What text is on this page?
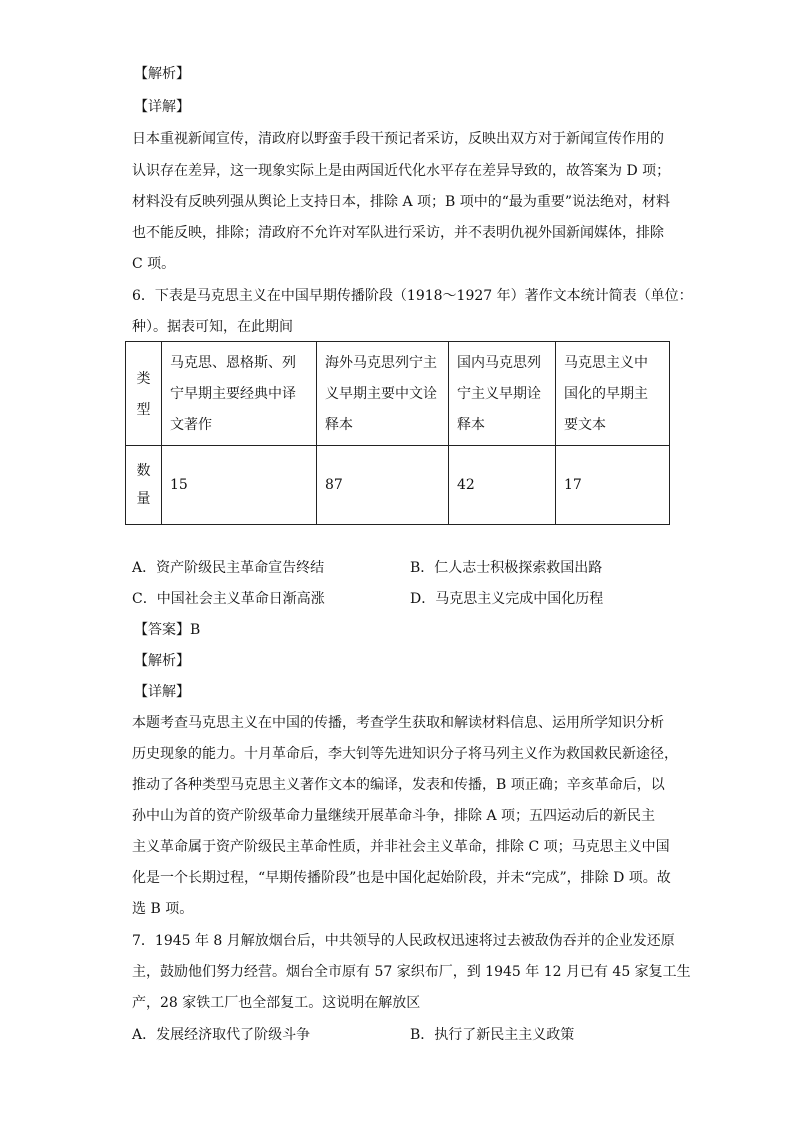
【解析】
【详解】
日本重视新闻宣传，清政府以野蛮手段干预记者采访，反映出双方对于新闻宣传作用的
认识存在差异，这一现象实际上是由两国近代化水平存在差异导致的，故答案为 D 项；
材料没有反映列强从舆论上支持日本，排除 A 项；B 项中的“最为重要”说法绝对，材料
也不能反映，排除；清政府不允许对军队进行采访，并不表明仇视外国新闻媒体，排除
C 项。
6．下表是马克思主义在中国早期传播阶段（1918～1927 年）著作文本统计简表（单位：
种）。据表可知，在此期间
类型	马克思、恩格斯、列宁早期主要经典中译文著作	海外马克思列宁主义早期主要中文诠释本	国内马克思列宁主义早期诠释本	马克思主义中国化的早期主要文本
数量	15	87	42	17
A．资产阶级民主革命宣告终结	B．仁人志士积极探索救国出路
C．中国社会主义革命日渐高涨	D．马克思主义完成中国化历程
【答案】B
【解析】
【详解】
本题考查马克思主义在中国的传播，考查学生获取和解读材料信息、运用所学知识分析
历史现象的能力。十月革命后，李大钊等先进知识分子将马列主义作为救国救民新途径，
推动了各种类型马克思主义著作文本的编译，发表和传播，B 项正确；辛亥革命后，以
孙中山为首的资产阶级革命力量继续开展革命斗争，排除 A 项；五四运动后的新民主
主义革命属于资产阶级民主革命性质，并非社会主义革命，排除 C 项；马克思主义中国
化是一个长期过程，“早期传播阶段”也是中国化起始阶段，并未“完成”，排除 D 项。故
选 B 项。
7．1945 年 8 月解放烟台后，中共领导的人民政权迅速将过去被敌伪吞并的企业发还原
主，鼓励他们努力经营。烟台全市原有 57 家织布厂，到 1945 年 12 月已有 45 家复工生
产，28 家铁工厂也全部复工。这说明在解放区
A．发展经济取代了阶级斗争	B．执行了新民主主义政策
